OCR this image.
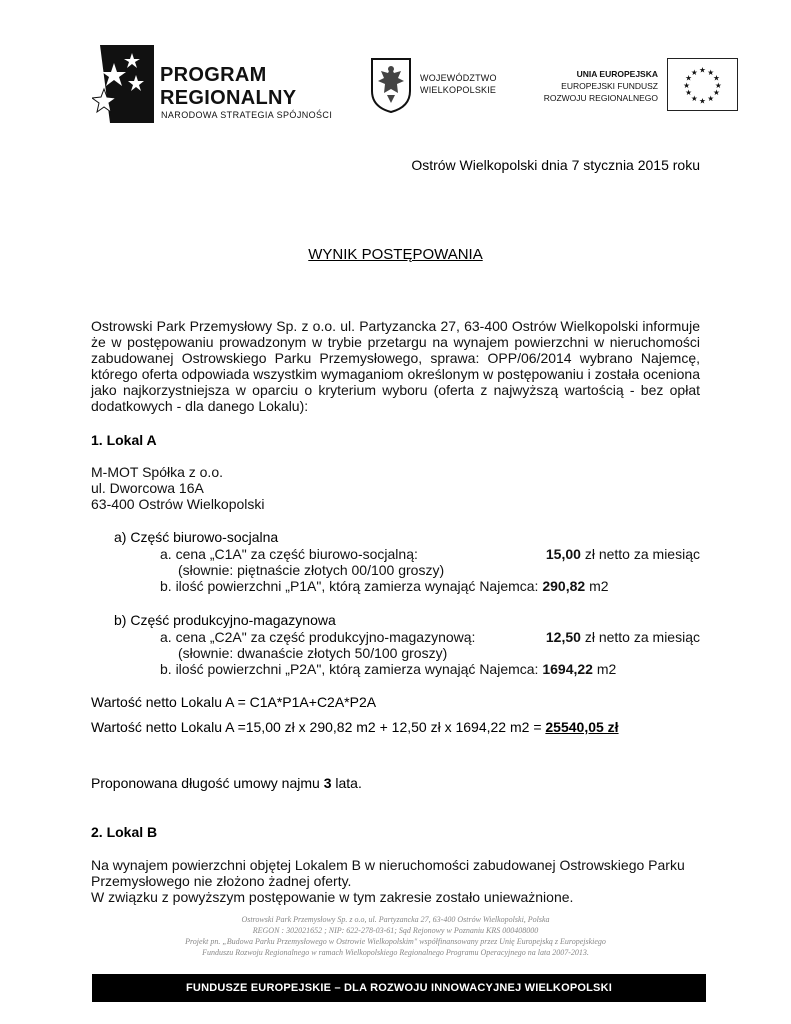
PROGRAM
REGIONALNY
NARODOWA STRATEGIA SPÓJNOŚCI
WOJEWÓDZTWO
WIELKOPOLSKIE
UNIA EUROPEJSKA
EUROPEJSKI FUNDUSZ
ROZWOJU REGIONALNEGO
★ ★
★
★
★
★
★
★
★
★
★
★
Ostrów Wielkopolski dnia 7 stycznia 2015 roku
WYNIK POSTĘPOWANIA
Ostrowski Park Przemysłowy Sp. z o.o. ul. Partyzancka 27, 63-400 Ostrów Wielkopolski informuje że w postępowaniu prowadzonym w trybie przetargu na wynajem powierzchni w nieruchomości zabudowanej Ostrowskiego Parku Przemysłowego, sprawa: OPP/06/2014 wybrano Najemcę, którego oferta odpowiada wszystkim wymaganiom określonym w postępowaniu i została oceniona jako najkorzystniejsza w oparciu o kryterium wyboru (oferta z najwyższą wartością - bez opłat dodatkowych - dla danego Lokalu):
1. Lokal A
M-MOT Spółka z o.o.
ul. Dworcowa 16A
63-400 Ostrów Wielkopolski
a) Część biurowo-socjalna
a. cena „C1A" za część biurowo-socjalną:	15,00 zł netto za miesiąc
(słownie: piętnaście złotych 00/100 groszy)
b. ilość powierzchni „P1A", którą zamierza wynająć Najemca: 290,82 m2
b) Część produkcyjno-magazynowa
a. cena „C2A" za część produkcyjno-magazynową:	12,50 zł netto za miesiąc
(słownie: dwanaście złotych 50/100 groszy)
b. ilość powierzchni „P2A", którą zamierza wynająć Najemca: 1694,22 m2
Wartość netto Lokalu A = C1A*P1A+C2A*P2A
Wartość netto Lokalu A =15,00 zł x 290,82 m2 + 12,50 zł x 1694,22 m2 = 25540,05 zł
Proponowana długość umowy najmu 3 lata.
2. Lokal B
Na wynajem powierzchni objętej Lokalem B w nieruchomości zabudowanej Ostrowskiego Parku Przemysłowego nie złożono żadnej oferty.
W związku z powyższym postępowanie w tym zakresie zostało unieważnione.
Ostrowski Park Przemysłowy Sp. z o.o, ul. Partyzancka 27, 63-400 Ostrów Wielkopolski, Polska
REGON : 302021652 ; NIP: 622-278-03-61; Sąd Rejonowy w Poznaniu KRS 000408000
Projekt pn. „Budowa Parku Przemysłowego w Ostrowie Wielkopolskim" współfinansowany przez Unię Europejską z Europejskiego
Funduszu Rozwoju Regionalnego w ramach Wielkopolskiego Regionalnego Programu Operacyjnego na lata 2007-2013.
FUNDUSZE EUROPEJSKIE – DLA ROZWOJU INNOWACYJNEJ WIELKOPOLSKI
